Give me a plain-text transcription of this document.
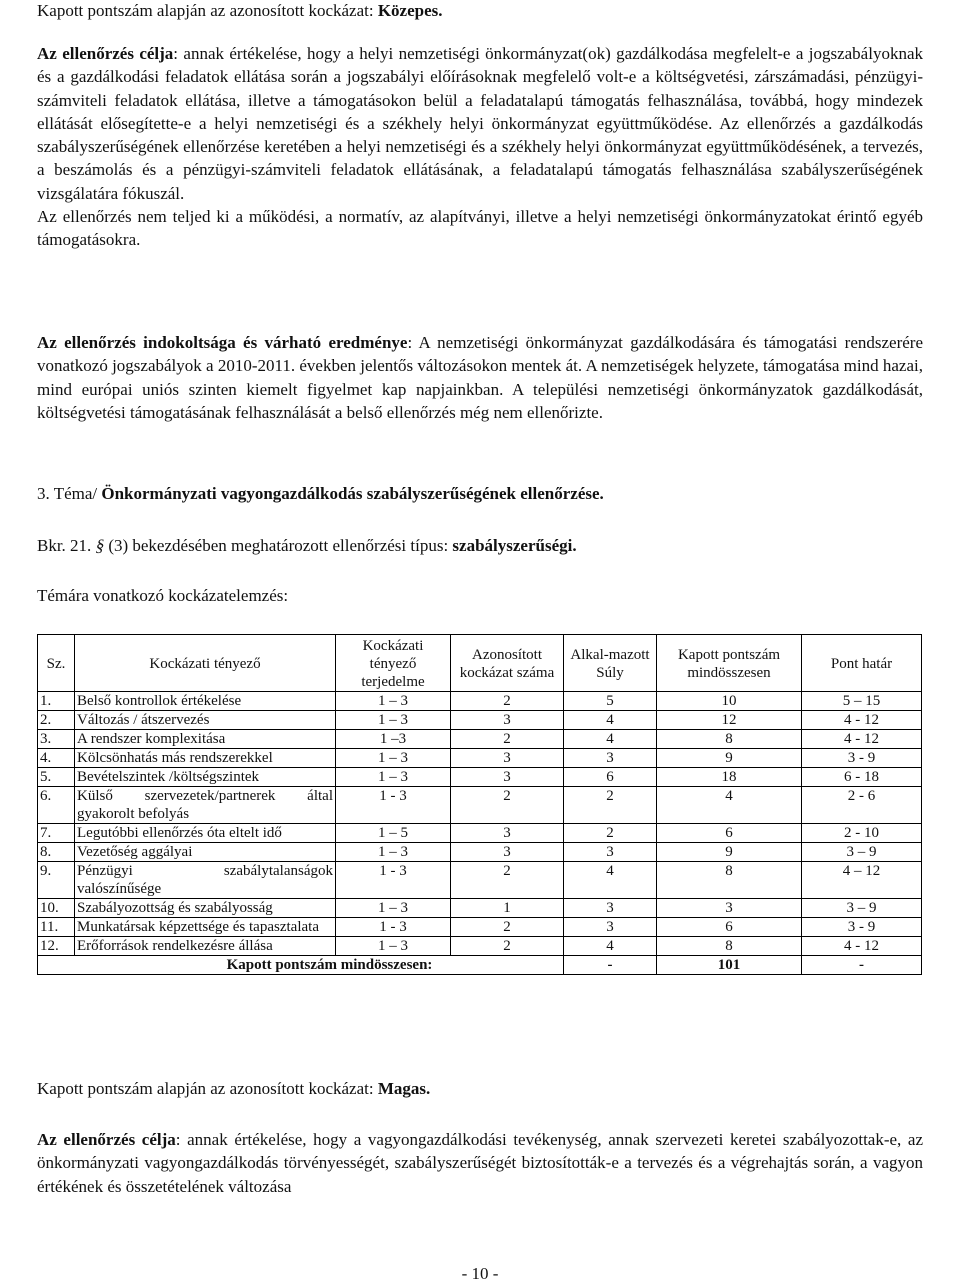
Kapott pontszám alapján az azonosított kockázat: Közepes.

Az ellenőrzés célja: annak értékelése, hogy a helyi nemzetiségi önkormányzat(ok) gazdálkodása megfelelt-e a jogszabályoknak és a gazdálkodási feladatok ellátása során a jogszabályi előírásoknak megfelelő volt-e a költségvetési, zárszámadási, pénzügyi-számviteli feladatok ellátása, illetve a támogatásokon belül a feladatalapú támogatás felhasználása, továbbá, hogy mindezek ellátását elősegítette-e a helyi nemzetiségi és a székhely helyi önkormányzat együttműködése. Az ellenőrzés a gazdálkodás szabályszerűségének ellenőrzése keretében a helyi nemzetiségi és a székhely helyi önkormányzat együttműködésének, a tervezés, a beszámolás és a pénzügyi-számviteli feladatok ellátásának, a feladatalapú támogatás felhasználása szabályszerűségének vizsgálatára fókuszál.

Az ellenőrzés nem teljed ki a működési, a normatív, az alapítványi, illetve a helyi nemzetiségi önkormányzatokat érintő egyéb támogatásokra.

Az ellenőrzés indokoltsága és várható eredménye: A nemzetiségi önkormányzat gazdálkodására és támogatási rendszerére vonatkozó jogszabályok a 2010-2011. években jelentős változásokon mentek át. A nemzetiségek helyzete, támogatása mind hazai, mind európai uniós szinten kiemelt figyelmet kap napjainkban. A települési nemzetiségi önkormányzatok gazdálkodását, költségvetési támogatásának felhasználását a belső ellenőrzés még nem ellenőrizte.

3. Téma/ Önkormányzati vagyongazdálkodás szabályszerűségének ellenőrzése.
Bkr. 21. § (3) bekezdésében meghatározott ellenőrzési típus: szabályszerűségi.
Témára vonatkozó kockázatelemzés:
Sz.	Kockázati tényező	Kockázati tényező terjedelme	Azonosított kockázat száma	Alkal-mazott Súly	Kapott pontszám mindösszesen	Pont határ
1.	Belső kontrollok értékelése	1 – 3	2	5	10	5 – 15
2.	Változás / átszervezés	1 – 3	3	4	12	4 - 12
3.	A rendszer komplexitása	1 –3	2	4	8	4 - 12
4.	Kölcsönhatás más rendszerekkel	1 – 3	3	3	9	3 - 9
5.	Bevételszintek /költségszintek	1 – 3	3	6	18	6 - 18
6.	Külső szervezetek/partnerek által gyakorolt befolyás	1 - 3	2	2	4	2 - 6
7.	Legutóbbi ellenőrzés óta eltelt idő	1 – 5	3	2	6	2 - 10
8.	Vezetőség aggályai	1 – 3	3	3	9	3 – 9
9.	Pénzügyi szabálytalanságok valószínűsége	1 - 3	2	4	8	4 – 12
10.	Szabályozottság és szabályosság	1 – 3	1	3	3	3 – 9
11.	Munkatársak képzettsége és tapasztalata	1 - 3	2	3	6	3 - 9
12.	Erőforrások rendelkezésre állása	1 – 3	2	4	8	4 - 12
Kapott pontszám mindösszesen:				-	101	-
Kapott pontszám alapján az azonosított kockázat: Magas.

Az ellenőrzés célja: annak értékelése, hogy a vagyongazdálkodási tevékenység, annak szervezeti keretei szabályozottak-e, az önkormányzati vagyongazdálkodás törvényességét, szabályszerűségét biztosították-e a tervezés és a végrehajtás során, a vagyon értékének és összetételének változása

- 10 -
